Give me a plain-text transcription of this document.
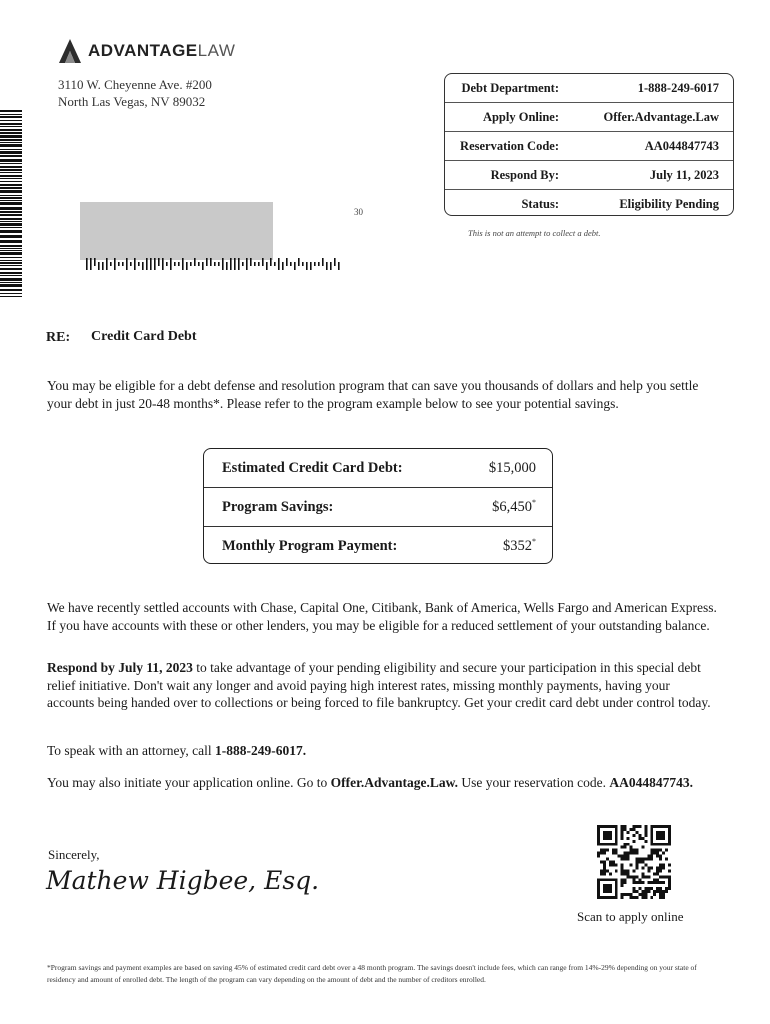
ADVANTAGELAW
3110 W. Cheyenne Ave. #200
North Las Vegas, NV 89032
Debt Department:	1-888-249-6017
Apply Online:	Offer.Advantage.Law
Reservation Code:	AA044847743
Respond By:	July 11, 2023
Status:	Eligibility Pending
This is not an attempt to collect a debt.
30
RE: Credit Card Debt
You may be eligible for a debt defense and resolution program that can save you thousands of dollars and help you settle your debt in just 20-48 months*. Please refer to the program example below to see your potential savings.
Estimated Credit Card Debt:	$15,000
Program Savings:	$6,450*
Monthly Program Payment:	$352*
We have recently settled accounts with Chase, Capital One, Citibank, Bank of America, Wells Fargo and American Express. If you have accounts with these or other lenders, you may be eligible for a reduced settlement of your outstanding balance.
Respond by July 11, 2023 to take advantage of your pending eligibility and secure your participation in this special debt relief initiative. Don't wait any longer and avoid paying high interest rates, missing monthly payments, having your accounts being handed over to collections or being forced to file bankruptcy. Get your credit card debt under control today.
To speak with an attorney, call 1-888-249-6017.
You may also initiate your application online. Go to Offer.Advantage.Law. Use your reservation code. AA044847743.
Sincerely,
Mathew Higbee, Esq.
Scan to apply online
*Program savings and payment examples are based on saving 45% of estimated credit card debt over a 48 month program. The savings doesn't include fees, which can range from 14%-29% depending on your state of residency and amount of enrolled debt. The length of the program can vary depending on the amount of debt and the number of creditors enrolled.
